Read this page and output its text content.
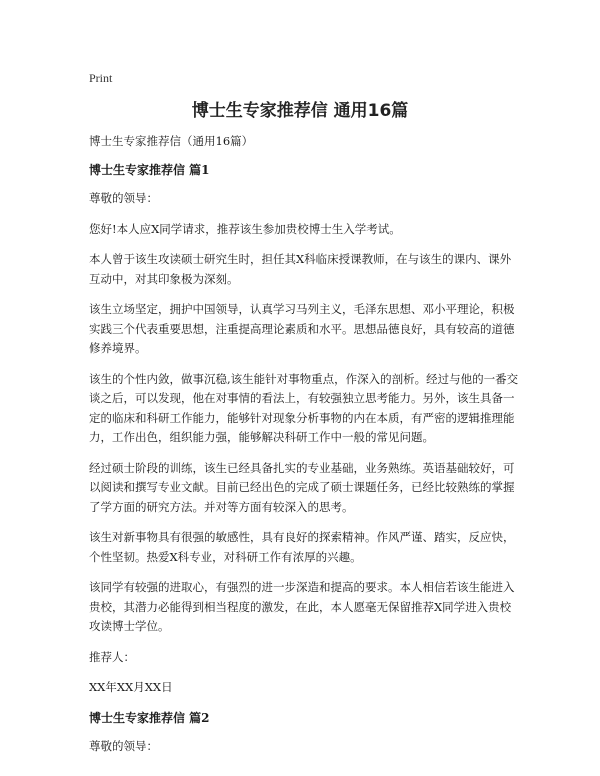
Print
博士生专家推荐信 通用16篇

博士生专家推荐信（通用16篇）

博士生专家推荐信 篇1

尊敬的领导：

您好!本人应X同学请求，推荐该生参加贵校博士生入学考试。

本人曾于该生攻读硕士研究生时，担任其X科临床授课教师，在与该生的课内、课外互动中，对其印象极为深刻。

该生立场坚定，拥护中国领导，认真学习马列主义，毛泽东思想、邓小平理论，积极实践三个代表重要思想，注重提高理论素质和水平。思想品德良好，具有较高的道德修养境界。

该生的个性内敛，做事沉稳,该生能针对事物重点，作深入的剖析。经过与他的一番交谈之后，可以发现，他在对事情的看法上，有较强独立思考能力。另外，该生具备一定的临床和科研工作能力，能够针对现象分析事物的内在本质，有严密的逻辑推理能力，工作出色，组织能力强，能够解决科研工作中一般的常见问题。

经过硕士阶段的训练，该生已经具备扎实的专业基础，业务熟练。英语基础较好，可以阅读和撰写专业文献。目前已经出色的完成了硕士课题任务，已经比较熟练的掌握了学方面的研究方法。并对等方面有较深入的思考。

该生对新事物具有很强的敏感性，具有良好的探索精神。作风严谨、踏实，反应快，个性坚韧。热爱X科专业，对科研工作有浓厚的兴趣。

该同学有较强的进取心，有强烈的进一步深造和提高的要求。本人相信若该生能进入贵校，其潜力必能得到相当程度的激发，在此，本人愿毫无保留推荐X同学进入贵校攻读博士学位。

推荐人：

XX年XX月XX日

博士生专家推荐信 篇2

尊敬的领导：
